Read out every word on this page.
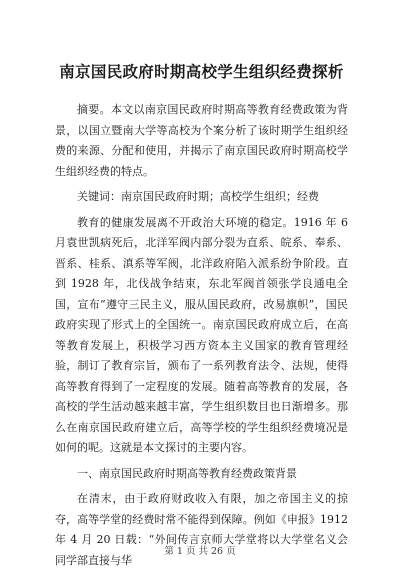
南京国民政府时期高校学生组织经费探析

摘要。本文以南京国民政府时期高等教育经费政策为背景，以国立暨南大学等高校为个案分析了该时期学生组织经费的来源、分配和使用，并揭示了南京国民政府时期高校学生组织经费的特点。

关键词：南京国民政府时期；高校学生组织；经费

教育的健康发展离不开政治大环境的稳定。1916 年 6 月袁世凯病死后，北洋军阀内部分裂为直系、皖系、奉系、晋系、桂系、滇系等军阀，北洋政府陷入派系纷争阶段。直到 1928 年，北伐战争结束，东北军阀首领张学良通电全国，宣布“遵守三民主义，服从国民政府，改易旗帜”，国民政府实现了形式上的全国统一。南京国民政府成立后，在高等教育发展上，积极学习西方资本主义国家的教育管理经验，制订了教育宗旨，颁布了一系列教育法令、法规，使得高等教育得到了一定程度的发展。随着高等教育的发展，各高校的学生活动越来越丰富，学生组织数目也日渐增多。那么在南京国民政府建立后，高等学校的学生组织经费境况是如何的呢。这就是本文探讨的主要内容。

一、南京国民政府时期高等教育经费政策背景

在清末，由于政府财政收入有限，加之帝国主义的掠夺，高等学堂的经费时常不能得到保障。例如《申报》1912 年 4 月 20 日载：“外间传言京师大学堂将以大学堂名义会同学部直接与华

第 1 页 共 26 页
